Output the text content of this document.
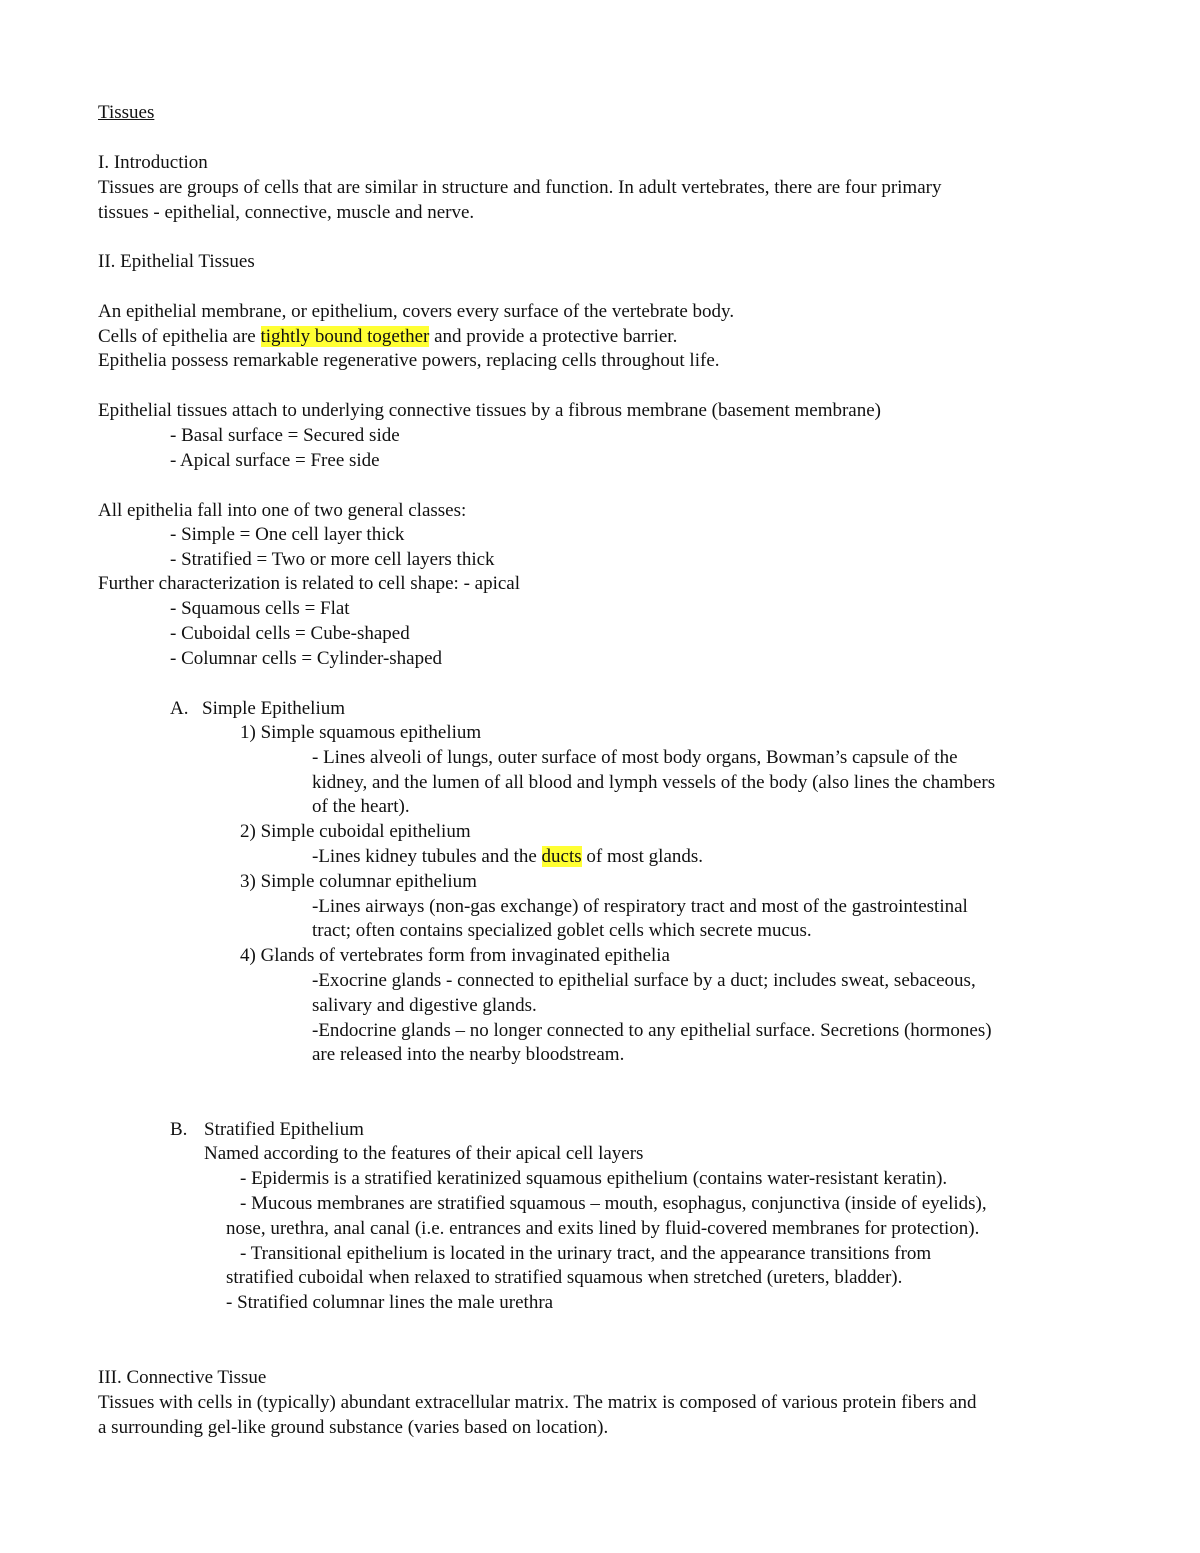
Tissues
I. Introduction
Tissues are groups of cells that are similar in structure and function. In adult vertebrates, there are four primary
tissues - epithelial, connective, muscle and nerve.
II. Epithelial Tissues
An epithelial membrane, or epithelium, covers every surface of the vertebrate body.
Cells of epithelia are tightly bound together and provide a protective barrier.
Epithelia possess remarkable regenerative powers, replacing cells throughout life.
Epithelial tissues attach to underlying connective tissues by a fibrous membrane (basement membrane)
- Basal surface = Secured side
- Apical surface = Free side
All epithelia fall into one of two general classes:
- Simple = One cell layer thick
- Stratified = Two or more cell layers thick
Further characterization is related to cell shape: - apical
- Squamous cells = Flat
- Cuboidal cells = Cube-shaped
- Columnar cells = Cylinder-shaped
A. Simple Epithelium
1) Simple squamous epithelium
- Lines alveoli of lungs, outer surface of most body organs, Bowman’s capsule of the
kidney, and the lumen of all blood and lymph vessels of the body (also lines the chambers
of the heart).
2) Simple cuboidal epithelium
-Lines kidney tubules and the ducts of most glands.
3) Simple columnar epithelium
-Lines airways (non-gas exchange) of respiratory tract and most of the gastrointestinal
tract; often contains specialized goblet cells which secrete mucus.
4) Glands of vertebrates form from invaginated epithelia
-Exocrine glands - connected to epithelial surface by a duct; includes sweat, sebaceous,
salivary and digestive glands.
-Endocrine glands – no longer connected to any epithelial surface. Secretions (hormones)
are released into the nearby bloodstream.
B. Stratified Epithelium
Named according to the features of their apical cell layers
- Epidermis is a stratified keratinized squamous epithelium (contains water-resistant keratin).
- Mucous membranes are stratified squamous – mouth, esophagus, conjunctiva (inside of eyelids),
nose, urethra, anal canal (i.e. entrances and exits lined by fluid-covered membranes for protection).
- Transitional epithelium is located in the urinary tract, and the appearance transitions from
stratified cuboidal when relaxed to stratified squamous when stretched (ureters, bladder).
- Stratified columnar lines the male urethra
III. Connective Tissue
Tissues with cells in (typically) abundant extracellular matrix. The matrix is composed of various protein fibers and
a surrounding gel-like ground substance (varies based on location).
